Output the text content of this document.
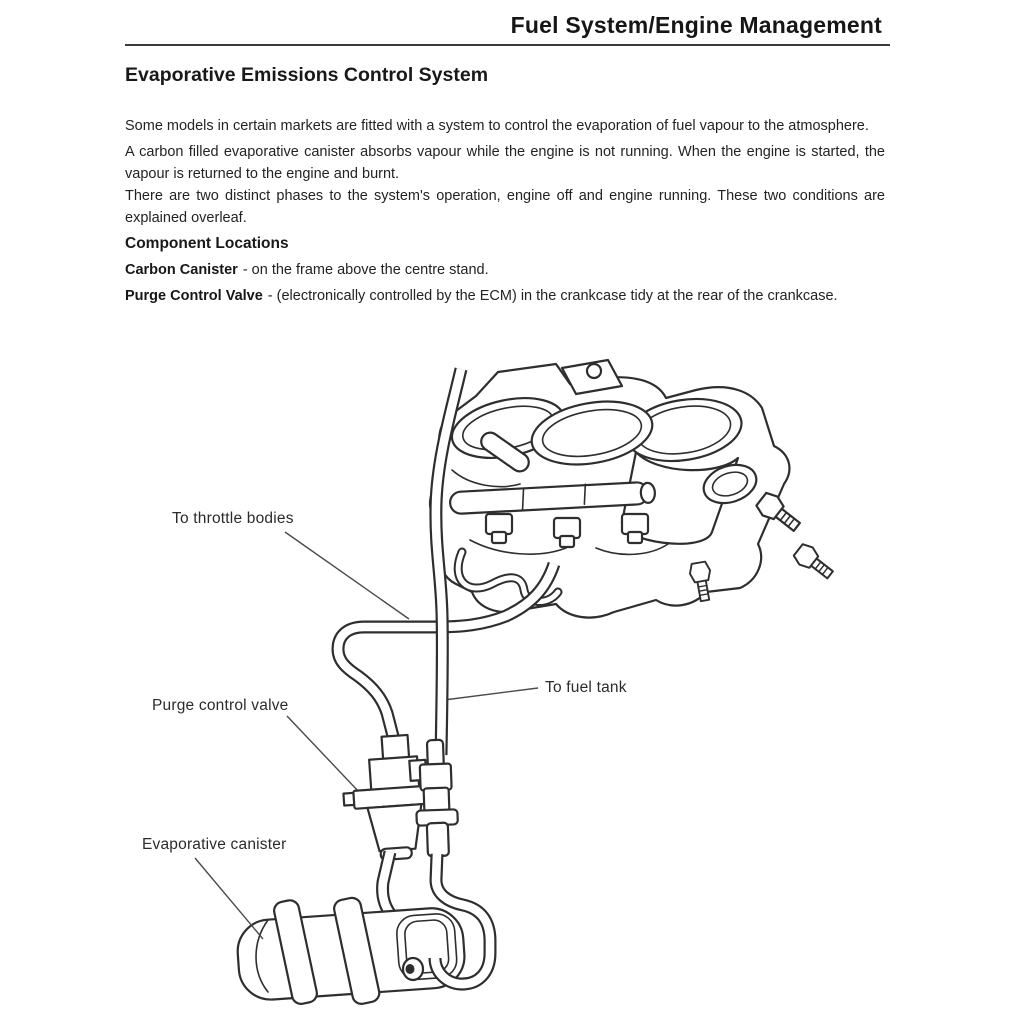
Fuel System/Engine Management
Evaporative Emissions Control System

Some models in certain markets are fitted with a system to control the evaporation of fuel vapour to the atmosphere.

A carbon filled evaporative canister absorbs vapour while the engine is not running. When the engine is started, the vapour is returned to the engine and burnt.

There are two distinct phases to the system's operation, engine off and engine running. These two conditions are explained overleaf.

Component Locations
Carbon Canister - on the frame above the centre stand.
Purge Control Valve - (electronically controlled by the ECM) in the crankcase tidy at the rear of the crankcase.
To throttle bodies
Purge control valve
To fuel tank
Evaporative canister
